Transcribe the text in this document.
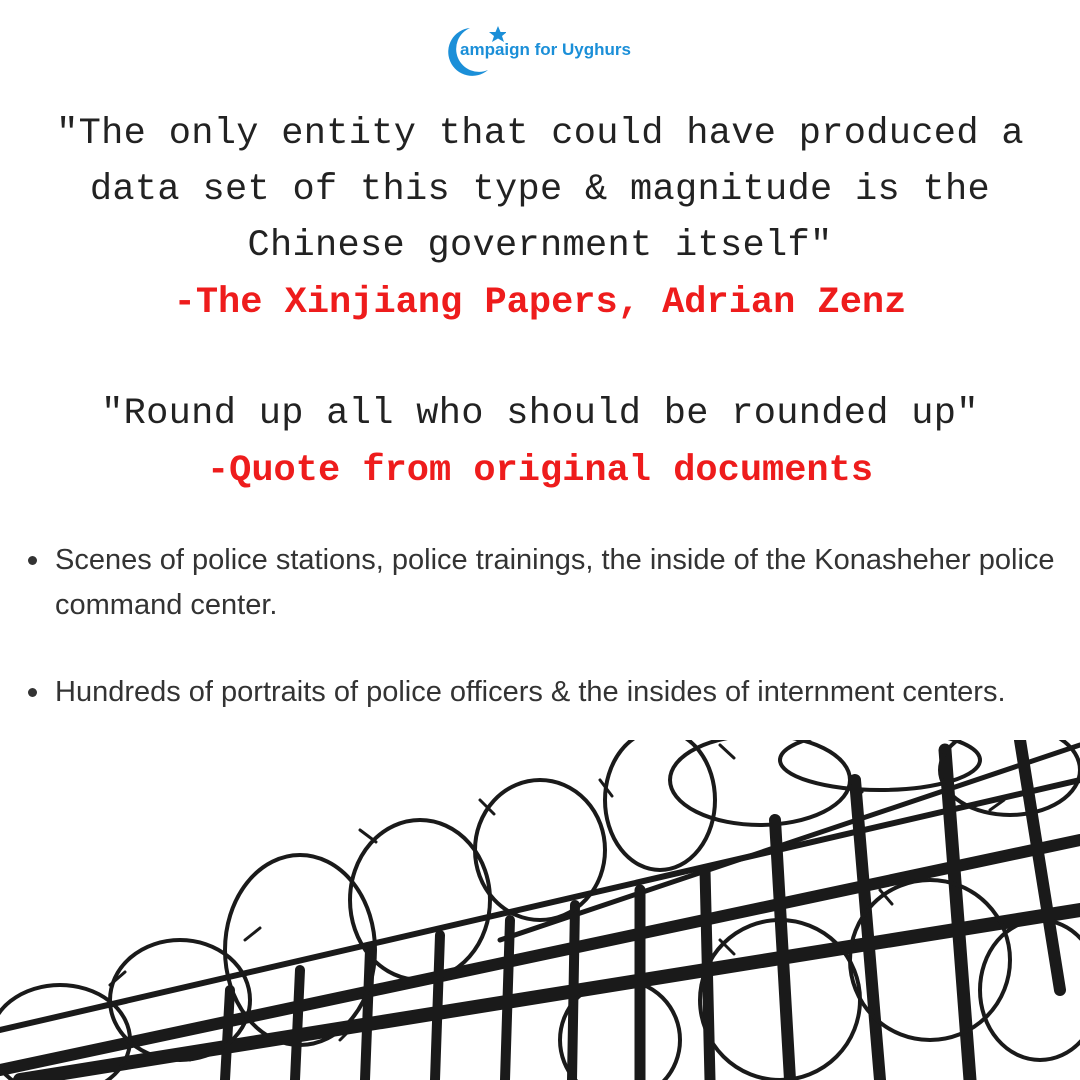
ampaign for Uyghurs

"The only entity that could have produced a

data set of this type & magnitude is the

Chinese government itself"

-The Xinjiang Papers, Adrian Zenz

"Round up all who should be rounded up"

-Quote from original documents

Scenes of police stations, police trainings, the inside of the Konasheher police command center.
Hundreds of portraits of police officers & the insides of internment centers.
